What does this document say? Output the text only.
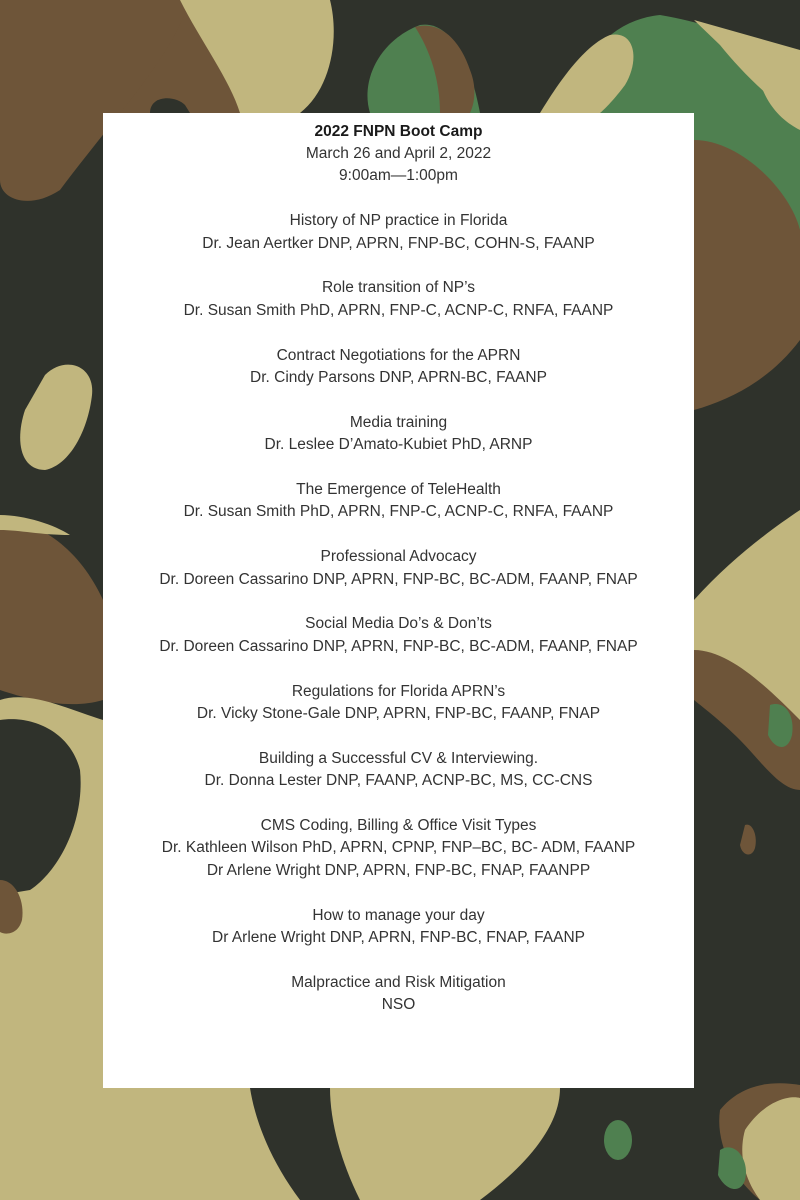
2022 FNPN Boot Camp

March 26 and April 2, 2022

9:00am—1:00pm

History of NP practice in Florida

Dr. Jean Aertker DNP, APRN, FNP-BC, COHN-S, FAANP

Role transition of NP’s

Dr. Susan Smith PhD, APRN, FNP-C, ACNP-C, RNFA, FAANP

Contract Negotiations for the APRN

Dr. Cindy Parsons DNP, APRN-BC, FAANP

Media training

Dr. Leslee D’Amato-Kubiet PhD, ARNP

The Emergence of TeleHealth

Dr. Susan Smith PhD, APRN, FNP-C, ACNP-C, RNFA, FAANP

Professional Advocacy

Dr. Doreen Cassarino DNP, APRN, FNP-BC, BC-ADM, FAANP, FNAP

Social Media Do’s & Don’ts

Dr. Doreen Cassarino DNP, APRN, FNP-BC, BC-ADM, FAANP, FNAP

Regulations for Florida APRN’s

Dr. Vicky Stone-Gale DNP, APRN, FNP-BC, FAANP, FNAP

Building a Successful CV & Interviewing.

Dr. Donna Lester DNP, FAANP, ACNP-BC, MS, CC-CNS

CMS Coding, Billing & Office Visit Types

Dr. Kathleen Wilson PhD, APRN, CPNP, FNP–BC, BC- ADM, FAANP

Dr Arlene Wright DNP, APRN, FNP-BC, FNAP, FAANPP

How to manage your day

Dr Arlene Wright DNP, APRN, FNP-BC, FNAP, FAANP

Malpractice and Risk Mitigation

NSO
